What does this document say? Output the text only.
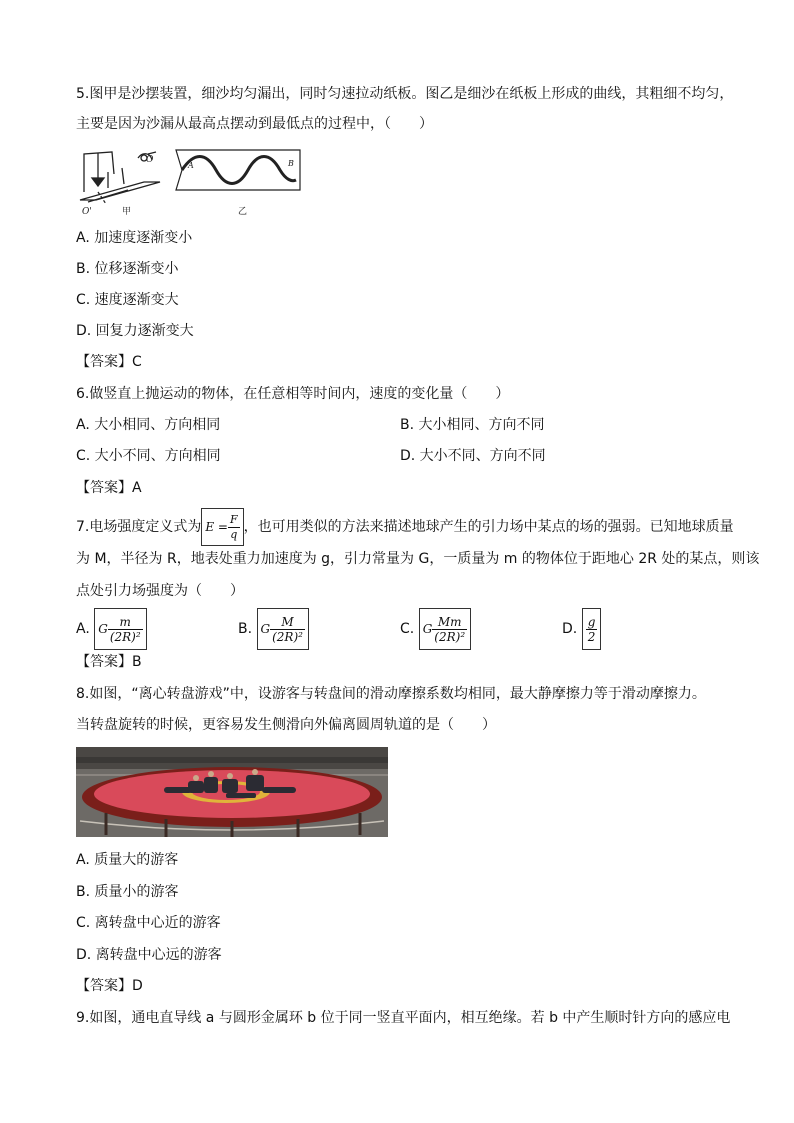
5.图甲是沙摆装置，细沙均匀漏出，同时匀速拉动纸板。图乙是细沙在纸板上形成的曲线，其粗细不均匀，
主要是因为沙漏从最高点摆动到最低点的过程中，（　　）
O'
O
甲
A	B
乙
A. 加速度逐渐变小
B. 位移逐渐变小
C. 速度逐渐变大
D. 回复力逐渐变大
【答案】C
6.做竖直上抛运动的物体，在任意相等时间内，速度的变化量（　　）
A. 大小相同、方向相同	B. 大小相同、方向不同
C. 大小不同、方向相同	D. 大小不同、方向不同
【答案】A
7.电场强度定义式为 $E = \frac{F}{q}$ ，也可用类似的方法来描述地球产生的引力场中某点的场的强弱。已知地球质量
为 M，半径为 R，地表处重力加速度为 g，引力常量为 G，一质量为 m 的物体位于距地心 2R 处的某点，则该
点处引力场强度为（　　）
A. G $\frac{m}{\text{(2R)²}}$	B. G $\frac{M}{\text{(2R)²}}$	C. G $\frac{Mm}{\text{(2R)²}}$	D. $\frac{g}{2}$
【答案】B
8.如图，“离心转盘游戏”中，设游客与转盘间的滑动摩擦系数均相同，最大静摩擦力等于滑动摩擦力。
当转盘旋转的时候，更容易发生侧滑向外偏离圆周轨道的是（　　）
A. 质量大的游客
B. 质量小的游客
C. 离转盘中心近的游客
D. 离转盘中心远的游客
【答案】D
9.如图，通电直导线 a 与圆形金属环 b 位于同一竖直平面内，相互绝缘。若 b 中产生顺时针方向的感应电
